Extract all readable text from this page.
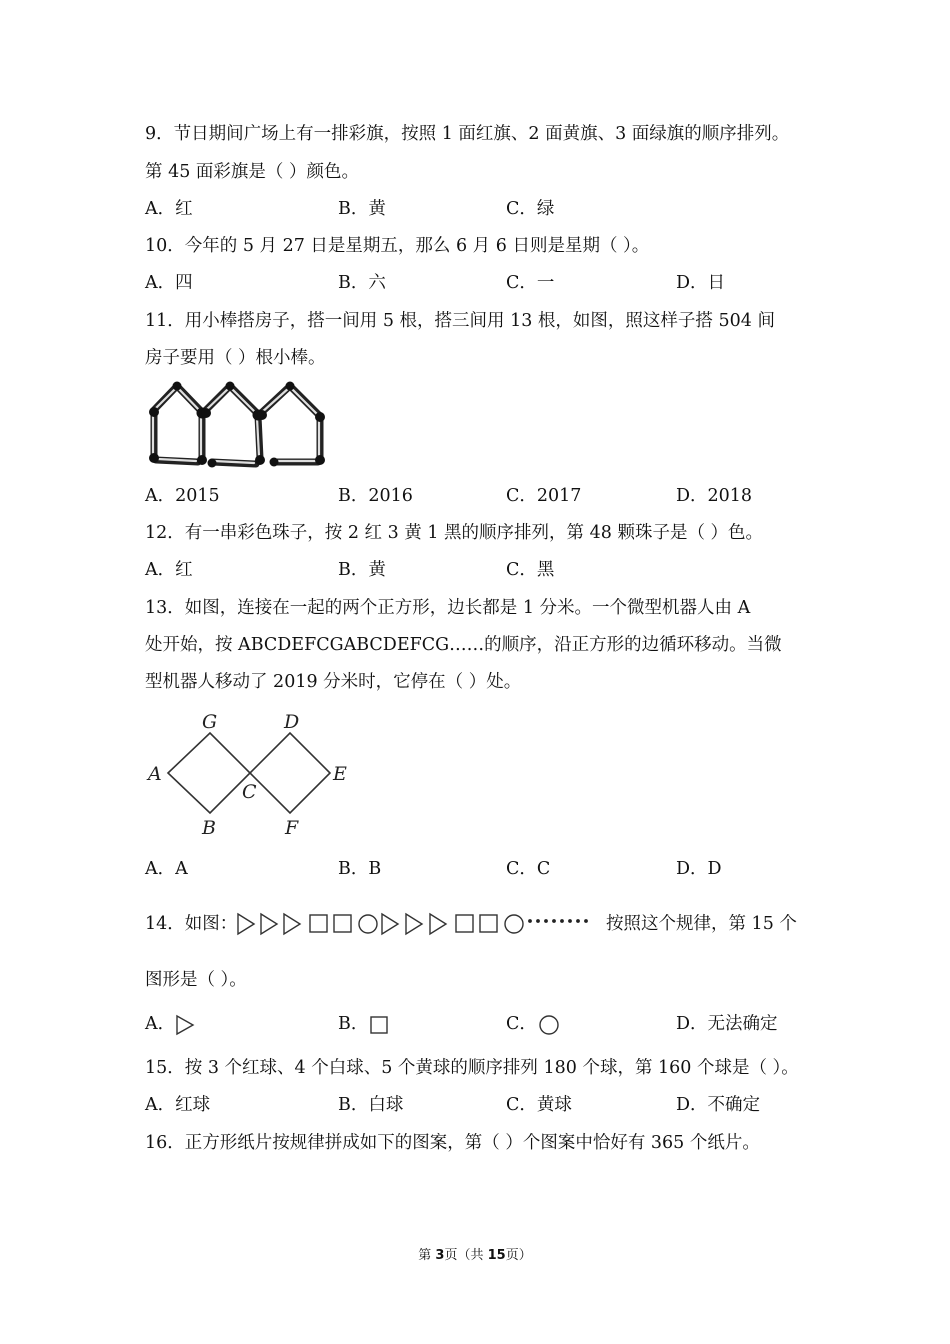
9．节日期间广场上有一排彩旗，按照 1 面红旗、2 面黄旗、3 面绿旗的顺序排列。
第 45 面彩旗是（ ）颜色。
A．红	B．黄	C．绿
10．今年的 5 月 27 日是星期五，那么 6 月 6 日则是星期（ ）。
A．四	B．六	C．一	D．日
11．用小棒搭房子，搭一间用 5 根，搭三间用 13 根，如图，照这样子搭 504 间
房子要用（ ）根小棒。
A．2015	B．2016	C．2017	D．2018
12．有一串彩色珠子，按 2 红 3 黄 1 黑的顺序排列，第 48 颗珠子是（ ）色。
A．红	B．黄	C．黑
13．如图，连接在一起的两个正方形，边长都是 1 分米。一个微型机器人由 A
处开始，按 ABCDEFCGABCDEFCG……的顺序，沿正方形的边循环移动。当微
型机器人移动了 2019 分米时，它停在（ ）处。
A
B
C
D
E
F
G
A．A	B．B	C．C	D．D
14．如图：	按照这个规律，第 15 个
图形是（ ）。
A．	B．	C．	D．无法确定
15．按 3 个红球、4 个白球、5 个黄球的顺序排列 180 个球，第 160 个球是（ ）。
A．红球	B．白球	C．黄球	D．不确定
16．正方形纸片按规律拼成如下的图案，第（ ）个图案中恰好有 365 个纸片。
第 3页（共 15页）
